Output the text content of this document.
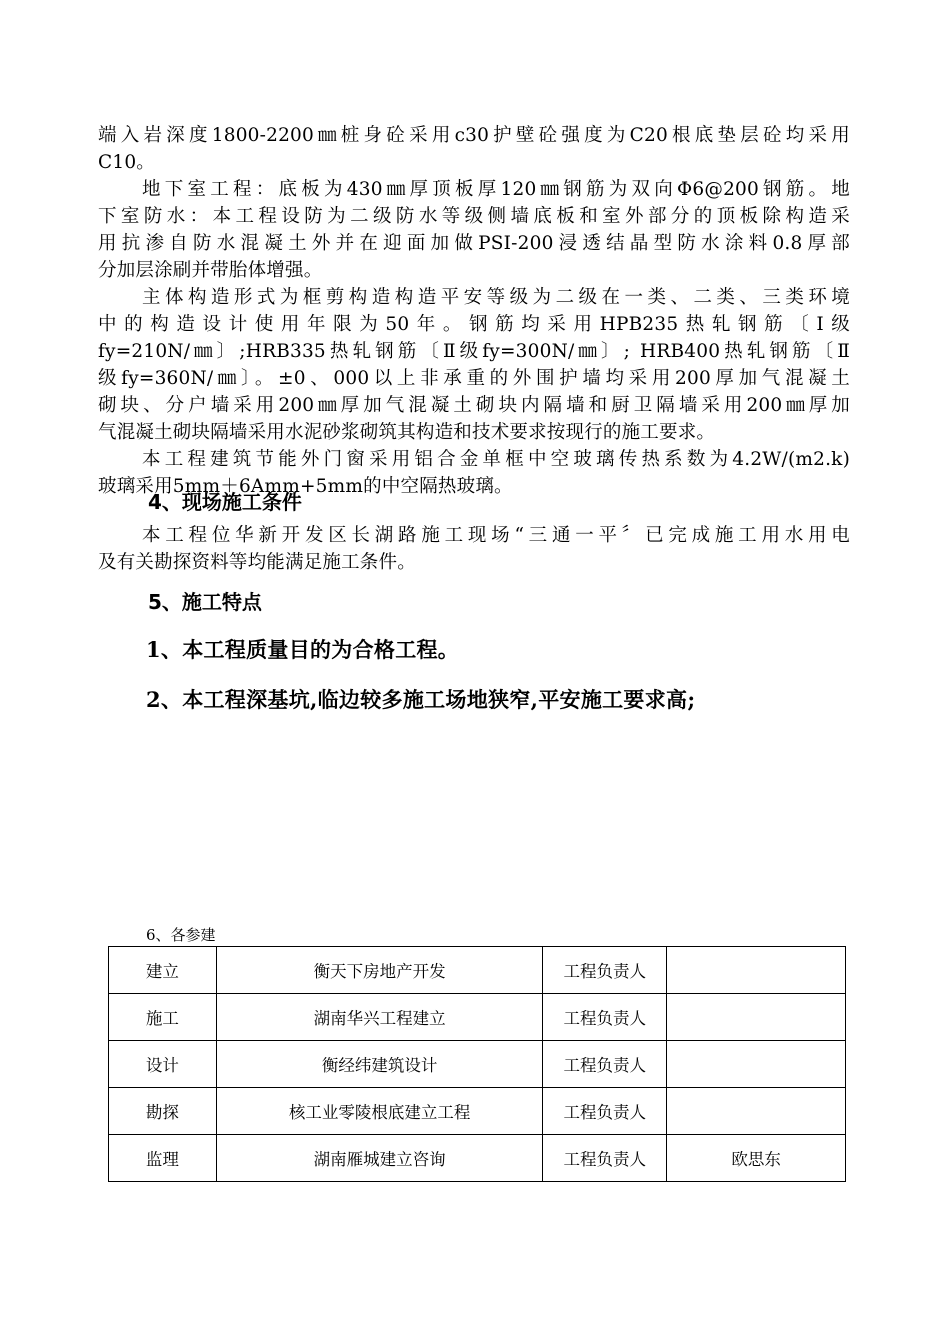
端入岩深度1800-2200㎜桩身砼采用c30护壁砼强度为C20根底垫层砼均采用
C10。
地下室工程：底板为430㎜厚顶板厚120㎜钢筋为双向Φ6@200钢筋。地
下室防水：本工程设防为二级防水等级侧墙底板和室外部分的顶板除构造采
用抗渗自防水混凝土外并在迎面加做PSI-200浸透结晶型防水涂料0.8厚部
分加层涂刷并带胎体增强。
主体构造形式为框剪构造构造平安等级为二级在一类、二类、三类环境
中的构造设计使用年限为50年。钢筋均采用HPB235热轧钢筋〔Ⅰ级
fy=210N/㎜〕;HRB335热轧钢筋〔Ⅱ级fy=300N/㎜〕; HRB400热轧钢筋〔Ⅱ
级fy=360N/㎜〕。±0、000以上非承重的外围护墙均采用200厚加气混凝土
砌块、分户墙采用200㎜厚加气混凝土砌块内隔墙和厨卫隔墙采用200㎜厚加
气混凝土砌块隔墙采用水泥砂浆砌筑其构造和技术要求按现行的施工要求。
本工程建筑节能外门窗采用铝合金单框中空玻璃传热系数为4.2W/(m2.k)
玻璃采用5mm＋6Amm+5mm的中空隔热玻璃。
4、现场施工条件
本工程位华新开发区长湖路施工现场“三通一平〞已完成施工用水用电
及有关勘探资料等均能满足施工条件。
5、施工特点
1、本工程质量目的为合格工程。
2、本工程深基坑,临边较多施工场地狭窄,平安施工要求高;
6、各参建
建立	衡天下房地产开发	工程负责人	
施工	湖南华兴工程建立	工程负责人	
设计	衡经纬建筑设计	工程负责人	
勘探	核工业零陵根底建立工程	工程负责人	
监理	湖南雁城建立咨询	工程负责人	欧思东
